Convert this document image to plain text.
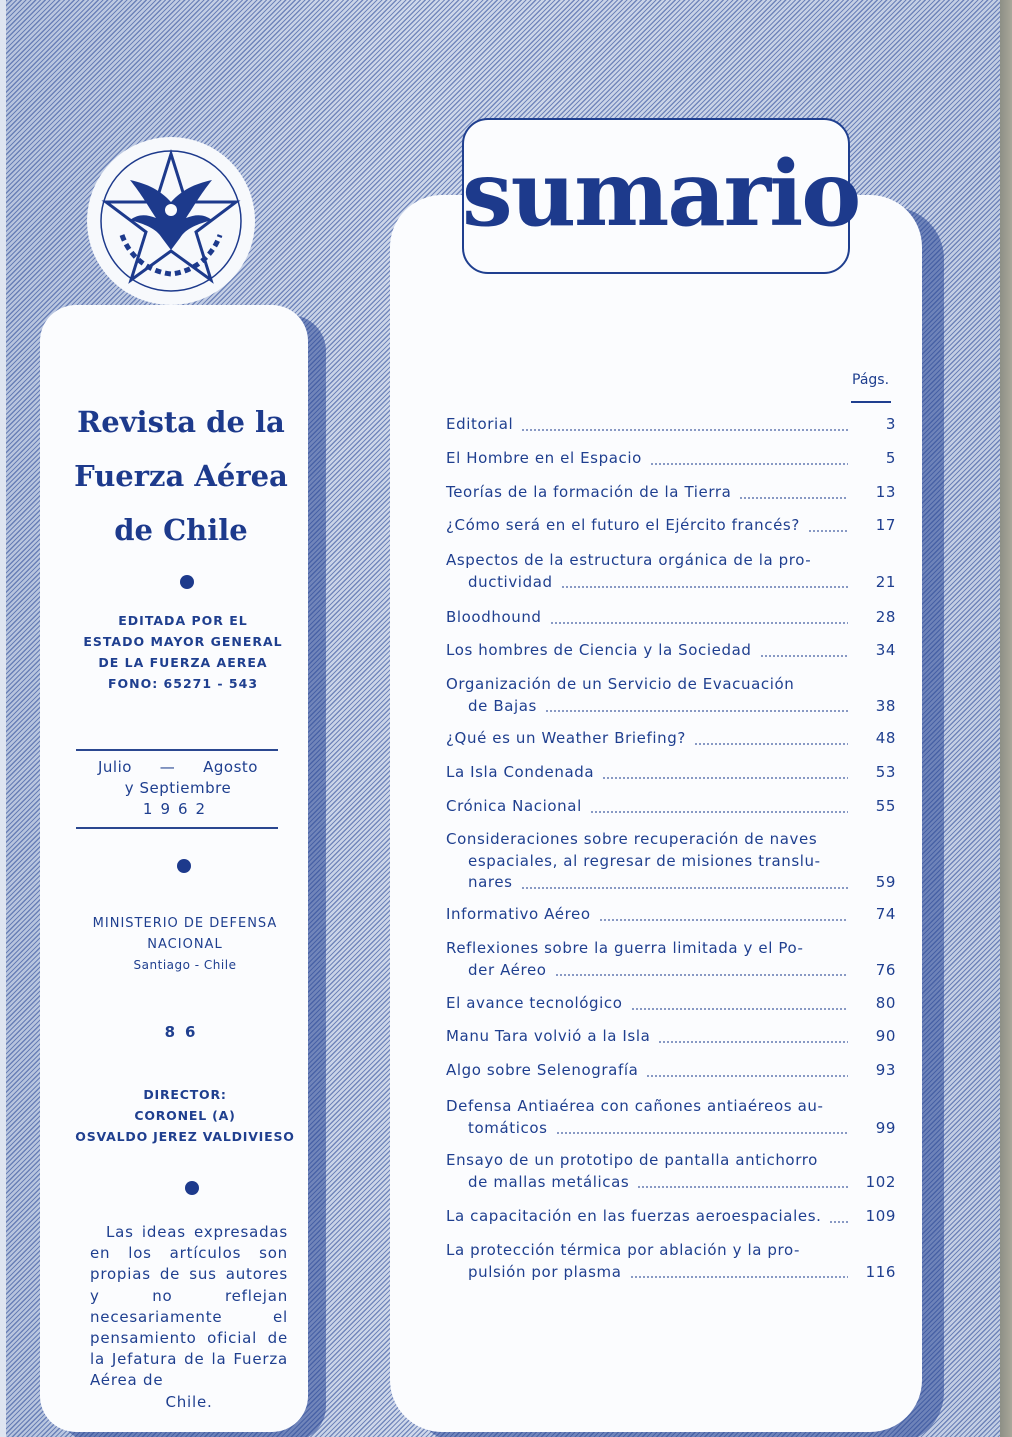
Revista de la
Fuerza Aérea
de Chile
EDITADA POR EL
ESTADO MAYOR GENERAL
DE LA FUERZA AEREA
FONO: 65271 - 543
Julio — Agosto
y Septiembre
1962
MINISTERIO DE DEFENSA
NACIONAL
Santiago - Chile
86
DIRECTOR:
CORONEL (A)
OSVALDO JEREZ VALDIVIESO

Las ideas expresadas en los artículos son propias de sus autores y no reflejan necesariamente el pensamiento oficial de la Jefatura de la Fuerza Aérea de

Chile.
sumario
Págs.
Editorial	3
El Hombre en el Espacio	5
Teorías de la formación de la Tierra	13
¿Cómo será en el futuro el Ejército francés?	17
Aspectos de la estructura orgánica de la pro-
ductividad	21
Bloodhound	28
Los hombres de Ciencia y la Sociedad	34
Organización de un Servicio de Evacuación
de Bajas	38
¿Qué es un Weather Briefing?	48
La Isla Condenada	53
Crónica Nacional	55
Consideraciones sobre recuperación de naves
espaciales, al regresar de misiones translu-
nares	59
Informativo Aéreo	74
Reflexiones sobre la guerra limitada y el Po-
der Aéreo	76
El avance tecnológico	80
Manu Tara volvió a la Isla	90
Algo sobre Selenografía	93
Defensa Antiaérea con cañones antiaéreos au-
tomáticos	99
Ensayo de un prototipo de pantalla antichorro
de mallas metálicas	102
La capacitación en las fuerzas aeroespaciales.	109
La protección térmica por ablación y la pro-
pulsión por plasma	116
